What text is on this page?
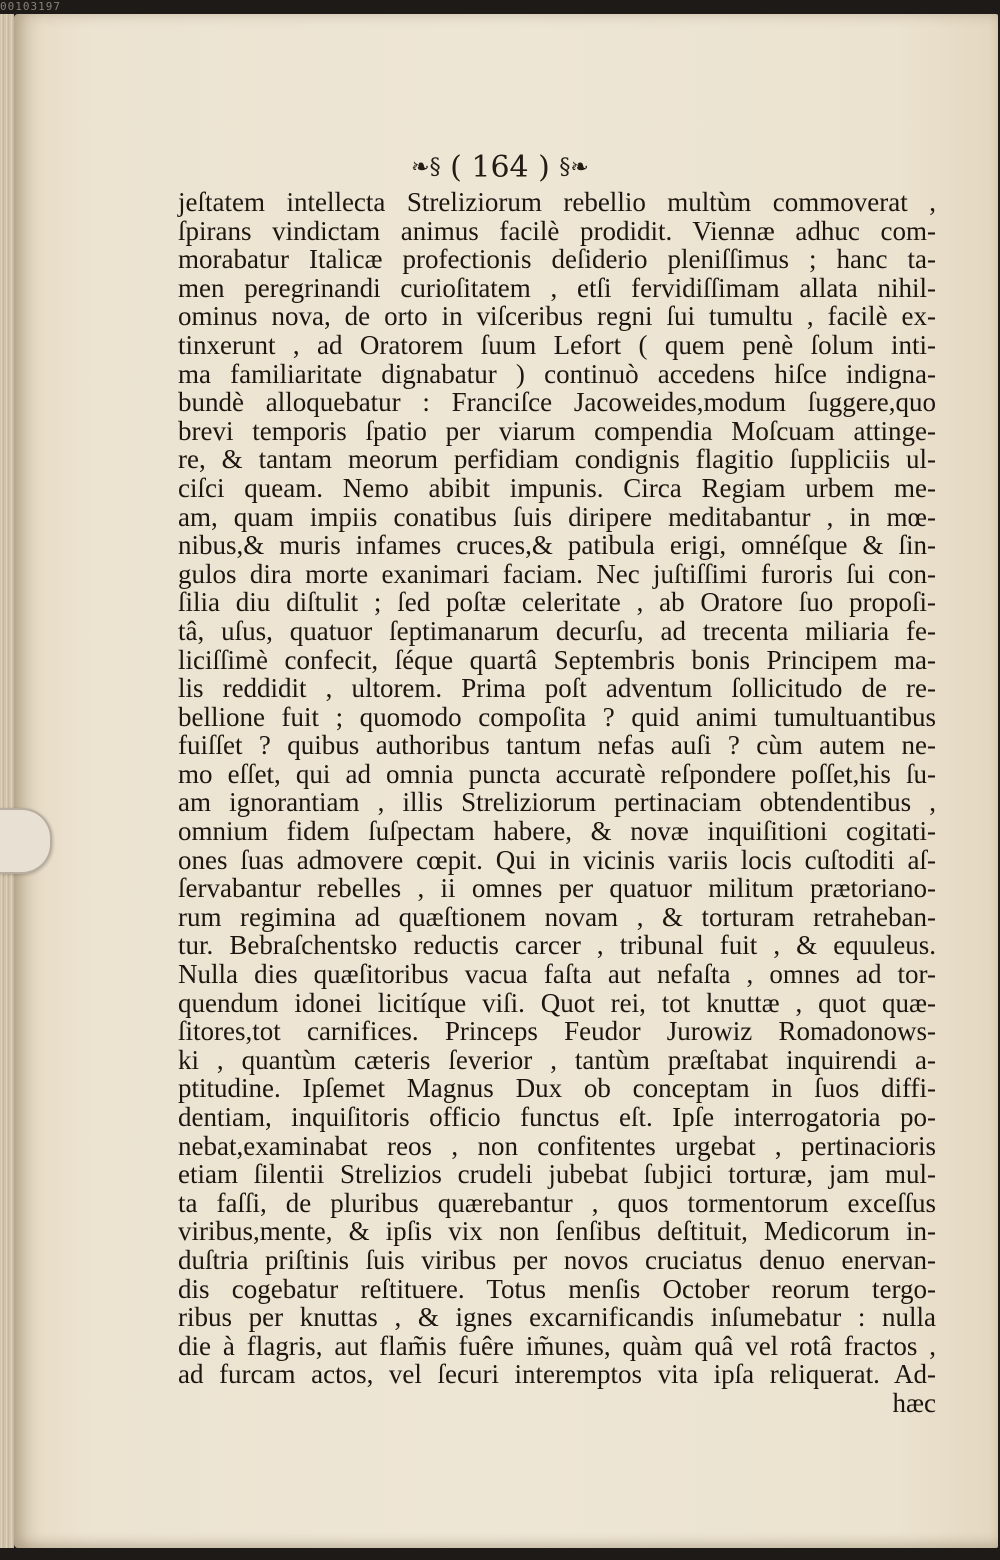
00103197
❧§ ( 164 ) §❧
jeſtatem intellecta Streliziorum rebellio multùm commoverat ,
ſpirans vindictam animus facilè prodidit. Viennæ adhuc com-
morabatur Italicæ profectionis deſiderio pleniſſimus ; hanc ta-
men peregrinandi curioſitatem , etſi fervidiſſimam allata nihil-
ominus nova, de orto in viſceribus regni ſui tumultu , facilè ex-
tinxerunt , ad Oratorem ſuum Lefort ( quem penè ſolum inti-
ma familiaritate dignabatur ) continuò accedens hiſce indigna-
bundè alloquebatur : Franciſce Jacoweides,modum ſuggere,quo
brevi temporis ſpatio per viarum compendia Moſcuam attinge-
re, & tantam meorum perfidiam condignis flagitio ſuppliciis ul-
ciſci queam. Nemo abibit impunis. Circa Regiam urbem me-
am, quam impiis conatibus ſuis diripere meditabantur , in mœ-
nibus,& muris infames cruces,& patibula erigi, omnéſque & ſin-
gulos dira morte exanimari faciam. Nec juſtiſſimi furoris ſui con-
ſilia diu diſtulit ; ſed poſtæ celeritate , ab Oratore ſuo propoſi-
tâ, uſus, quatuor ſeptimanarum decurſu, ad trecenta miliaria fe-
liciſſimè confecit, ſéque quartâ Septembris bonis Principem ma-
lis reddidit , ultorem. Prima poſt adventum ſollicitudo de re-
bellione fuit ; quomodo compoſita ? quid animi tumultuantibus
fuiſſet ? quibus authoribus tantum nefas auſi ? cùm autem ne-
mo eſſet, qui ad omnia puncta accuratè reſpondere poſſet,his ſu-
am ignorantiam , illis Streliziorum pertinaciam obtendentibus ,
omnium fidem ſuſpectam habere, & novæ inquiſitioni cogitati-
ones ſuas admovere cœpit. Qui in vicinis variis locis cuſtoditi aſ-
ſervabantur rebelles , ii omnes per quatuor militum prætoriano-
rum regimina ad quæſtionem novam , & torturam retraheban-
tur. Bebraſchentsko reductis carcer , tribunal fuit , & equuleus.
Nulla dies quæſitoribus vacua faſta aut nefaſta , omnes ad tor-
quendum idonei licitíque viſi. Quot rei, tot knuttæ , quot quæ-
ſitores,tot carnifices. Princeps Feudor Jurowiz Romadonows-
ki , quantùm cæteris ſeverior , tantùm præſtabat inquirendi a-
ptitudine. Ipſemet Magnus Dux ob conceptam in ſuos diffi-
dentiam, inquiſitoris officio functus eſt. Ipſe interrogatoria po-
nebat,examinabat reos , non confitentes urgebat , pertinacioris
etiam ſilentii Strelizios crudeli jubebat ſubjici torturæ, jam mul-
ta faſſi, de pluribus quærebantur , quos tormentorum exceſſus
viribus,mente, & ipſis vix non ſenſibus deſtituit, Medicorum in-
duſtria priſtinis ſuis viribus per novos cruciatus denuo enervan-
dis cogebatur reſtituere. Totus menſis October reorum tergo-
ribus per knuttas , & ignes excarnificandis inſumebatur : nulla
die à flagris, aut flam̃is fuêre im̃unes, quàm quâ vel rotâ fractos ,
ad furcam actos, vel ſecuri interemptos vita ipſa reliquerat. Ad-
hæc
